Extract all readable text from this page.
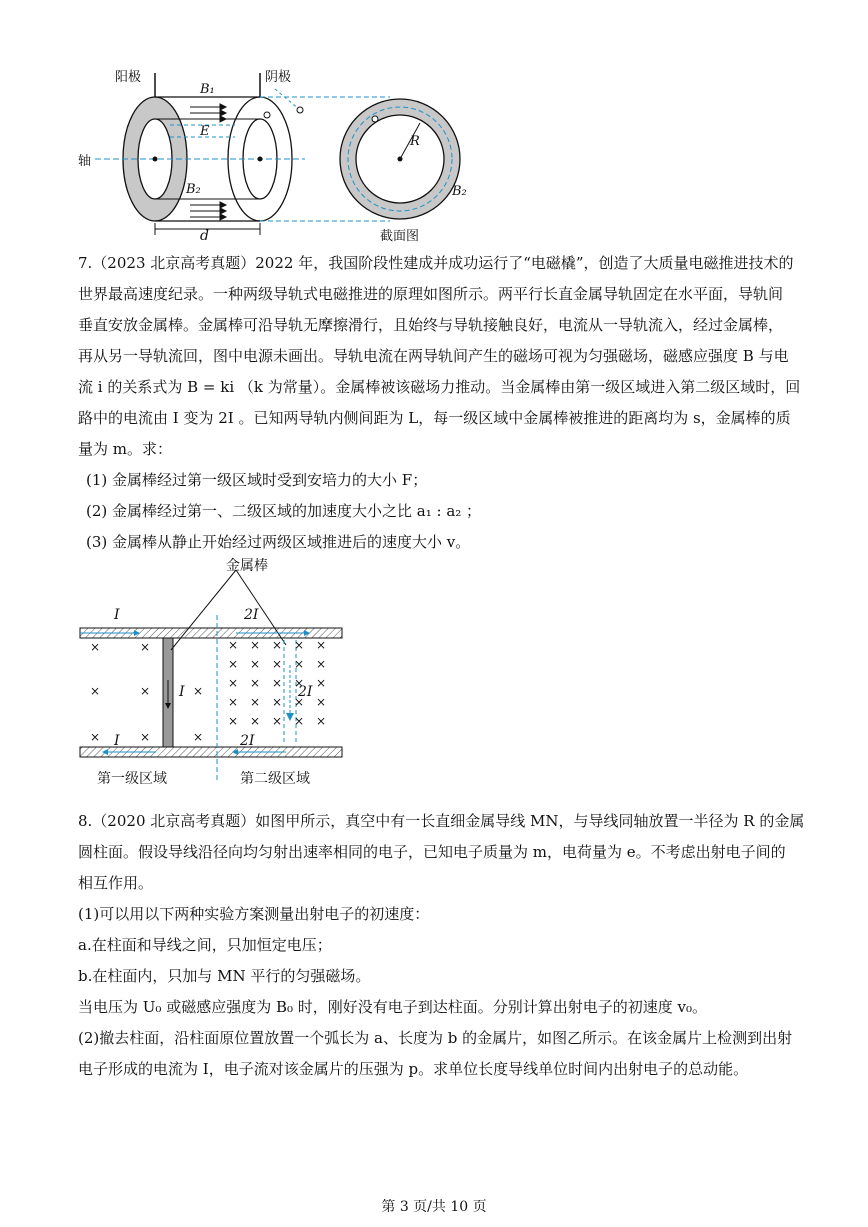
阳极	阴极
轴
B₁
E
B₂
d
R
B₂
截面图
7.（2023 北京高考真题）2022 年，我国阶段性建成并成功运行了“电磁橇”，创造了大质量电磁推进技术的
世界最高速度纪录。一种两级导轨式电磁推进的原理如图所示。两平行长直金属导轨固定在水平面，导轨间
垂直安放金属棒。金属棒可沿导轨无摩擦滑行，且始终与导轨接触良好，电流从一导轨流入，经过金属棒，
再从另一导轨流回，图中电源未画出。导轨电流在两导轨间产生的磁场可视为匀强磁场，磁感应强度 B 与电
流 i 的关系式为 B = ki （k 为常量）。金属棒被该磁场力推动。当金属棒由第一级区域进入第二级区域时，回
路中的电流由 I 变为 2I 。已知两导轨内侧间距为 L，每一级区域中金属棒被推进的距离均为 s，金属棒的质
量为 m。求：
(1) 金属棒经过第一级区域时受到安培力的大小 F；
(2) 金属棒经过第一、二级区域的加速度大小之比 a₁ : a₂ ；
(3) 金属棒从静止开始经过两级区域推进后的速度大小 v。
×	×
×	×	×
×	×	×
× × × × ×
× × × × ×
× × × × ×
× × × × ×
× × × × ×
金属棒
I	2I
I	2I
I	2I
第一级区域	第二级区域
8.（2020 北京高考真题）如图甲所示，真空中有一长直细金属导线 MN，与导线同轴放置一半径为 R 的金属
圆柱面。假设导线沿径向均匀射出速率相同的电子，已知电子质量为 m，电荷量为 e。不考虑出射电子间的
相互作用。
(1)可以用以下两种实验方案测量出射电子的初速度：
a.在柱面和导线之间，只加恒定电压；
b.在柱面内，只加与 MN 平行的匀强磁场。
当电压为 U₀ 或磁感应强度为 B₀ 时，刚好没有电子到达柱面。分别计算出射电子的初速度 v₀。
(2)撤去柱面，沿柱面原位置放置一个弧长为 a、长度为 b 的金属片，如图乙所示。在该金属片上检测到出射
电子形成的电流为 I，电子流对该金属片的压强为 p。求单位长度导线单位时间内出射电子的总动能。
第 3 页/共 10 页
